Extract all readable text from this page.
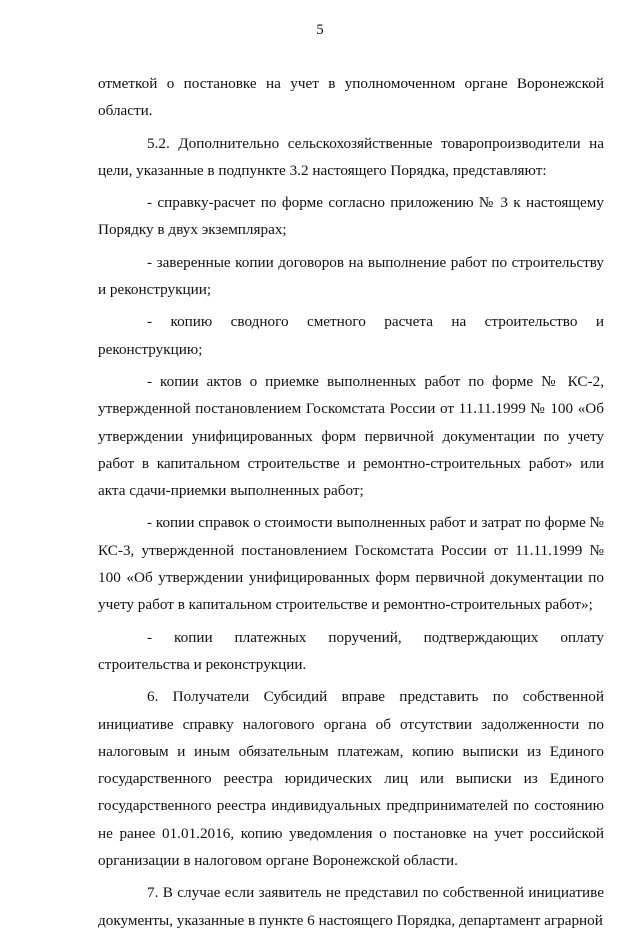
5

отметкой о постановке на учет в уполномоченном органе Воронежской области.

5.2. Дополнительно сельскохозяйственные товаропроизводители на цели, указанные в подпункте 3.2 настоящего Порядка, представляют:

- справку-расчет по форме согласно приложению № 3 к настоящему Порядку в двух экземплярах;

- заверенные копии договоров на выполнение работ по строительству и реконструкции;

- копию сводного сметного расчета на строительство и реконструкцию;

- копии актов о приемке выполненных работ по форме № КС-2, утвержденной постановлением Госкомстата России от 11.11.1999 № 100 «Об утверждении унифицированных форм первичной документации по учету работ в капитальном строительстве и ремонтно-строительных работ» или акта сдачи-приемки выполненных работ;

- копии справок о стоимости выполненных работ и затрат по форме № КС-3, утвержденной постановлением Госкомстата России от 11.11.1999 № 100 «Об утверждении унифицированных форм первичной документации по учету работ в капитальном строительстве и ремонтно-строительных работ»;

- копии платежных поручений, подтверждающих оплату строительства и реконструкции.

6. Получатели Субсидий вправе представить по собственной инициативе справку налогового органа об отсутствии задолженности по налоговым и иным обязательным платежам, копию выписки из Единого государственного реестра юридических лиц или выписки из Единого государственного реестра индивидуальных предпринимателей по состоянию не ранее 01.01.2016, копию уведомления о постановке на учет российской организации в налоговом органе Воронежской области.

7. В случае если заявитель не представил по собственной инициативе документы, указанные в пункте 6 настоящего Порядка, департамент аграрной
